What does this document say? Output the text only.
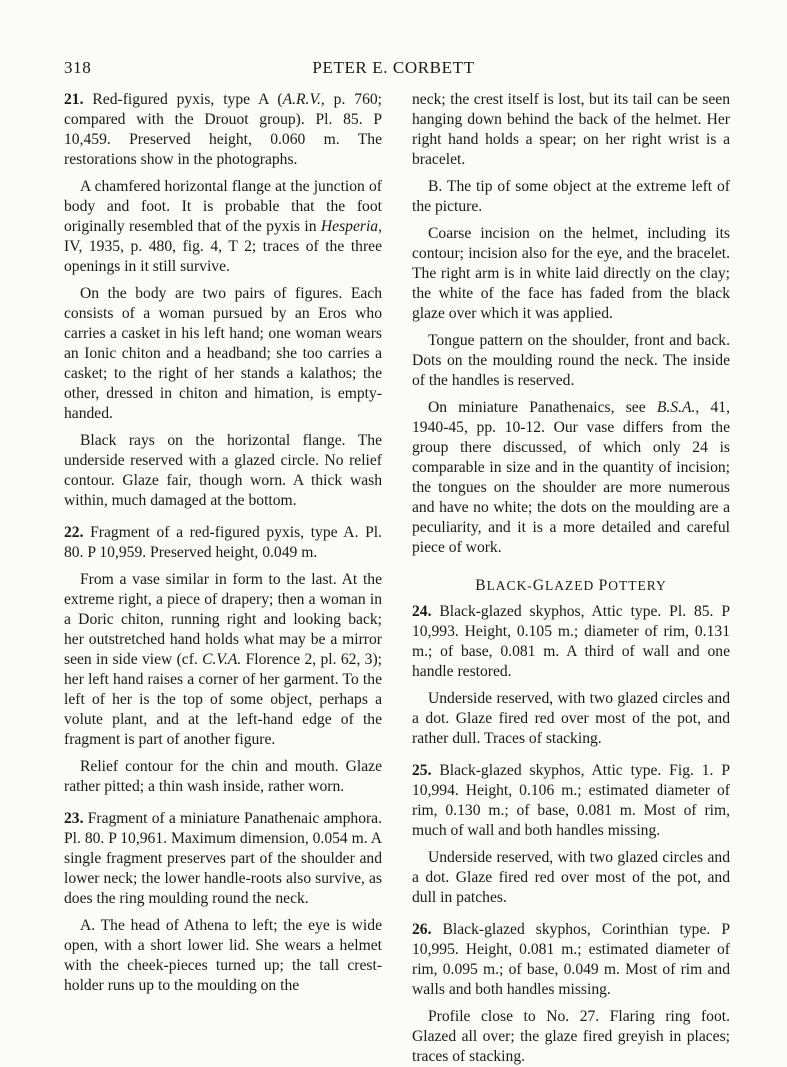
318	PETER E. CORBETT

21. Red-figured pyxis, type A (A.R.V., p. 760; compared with the Drouot group). Pl. 85. P 10,459. Preserved height, 0.060 m. The restorations show in the photographs.

A chamfered horizontal flange at the junction of body and foot. It is probable that the foot originally resembled that of the pyxis in Hesperia, IV, 1935, p. 480, fig. 4, T 2; traces of the three openings in it still survive.

On the body are two pairs of figures. Each consists of a woman pursued by an Eros who carries a casket in his left hand; one woman wears an Ionic chiton and a headband; she too carries a casket; to the right of her stands a kalathos; the other, dressed in chiton and himation, is empty-handed.

Black rays on the horizontal flange. The underside reserved with a glazed circle. No relief contour. Glaze fair, though worn. A thick wash within, much damaged at the bottom.

22. Fragment of a red-figured pyxis, type A. Pl. 80. P 10,959. Preserved height, 0.049 m.

From a vase similar in form to the last. At the extreme right, a piece of drapery; then a woman in a Doric chiton, running right and looking back; her outstretched hand holds what may be a mirror seen in side view (cf. C.V.A. Florence 2, pl. 62, 3); her left hand raises a corner of her garment. To the left of her is the top of some object, perhaps a volute plant, and at the left-hand edge of the fragment is part of another figure.

Relief contour for the chin and mouth. Glaze rather pitted; a thin wash inside, rather worn.

23. Fragment of a miniature Panathenaic amphora. Pl. 80. P 10,961. Maximum dimension, 0.054 m. A single fragment preserves part of the shoulder and lower neck; the lower handle-roots also survive, as does the ring moulding round the neck.

A. The head of Athena to left; the eye is wide open, with a short lower lid. She wears a helmet with the cheek-pieces turned up; the tall crest-holder runs up to the moulding on the

neck; the crest itself is lost, but its tail can be seen hanging down behind the back of the helmet. Her right hand holds a spear; on her right wrist is a bracelet.

B. The tip of some object at the extreme left of the picture.

Coarse incision on the helmet, including its contour; incision also for the eye, and the bracelet. The right arm is in white laid directly on the clay; the white of the face has faded from the black glaze over which it was applied.

Tongue pattern on the shoulder, front and back. Dots on the moulding round the neck. The inside of the handles is reserved.

On miniature Panathenaics, see B.S.A., 41, 1940-45, pp. 10-12. Our vase differs from the group there discussed, of which only 24 is comparable in size and in the quantity of incision; the tongues on the shoulder are more numerous and have no white; the dots on the moulding are a peculiarity, and it is a more detailed and careful piece of work.

BLACK-GLAZED POTTERY

24. Black-glazed skyphos, Attic type. Pl. 85. P 10,993. Height, 0.105 m.; diameter of rim, 0.131 m.; of base, 0.081 m. A third of wall and one handle restored.

Underside reserved, with two glazed circles and a dot. Glaze fired red over most of the pot, and rather dull. Traces of stacking.

25. Black-glazed skyphos, Attic type. Fig. 1. P 10,994. Height, 0.106 m.; estimated diameter of rim, 0.130 m.; of base, 0.081 m. Most of rim, much of wall and both handles missing.

Underside reserved, with two glazed circles and a dot. Glaze fired red over most of the pot, and dull in patches.

26. Black-glazed skyphos, Corinthian type. P 10,995. Height, 0.081 m.; estimated diameter of rim, 0.095 m.; of base, 0.049 m. Most of rim and walls and both handles missing.

Profile close to No. 27. Flaring ring foot. Glazed all over; the glaze fired greyish in places; traces of stacking.
